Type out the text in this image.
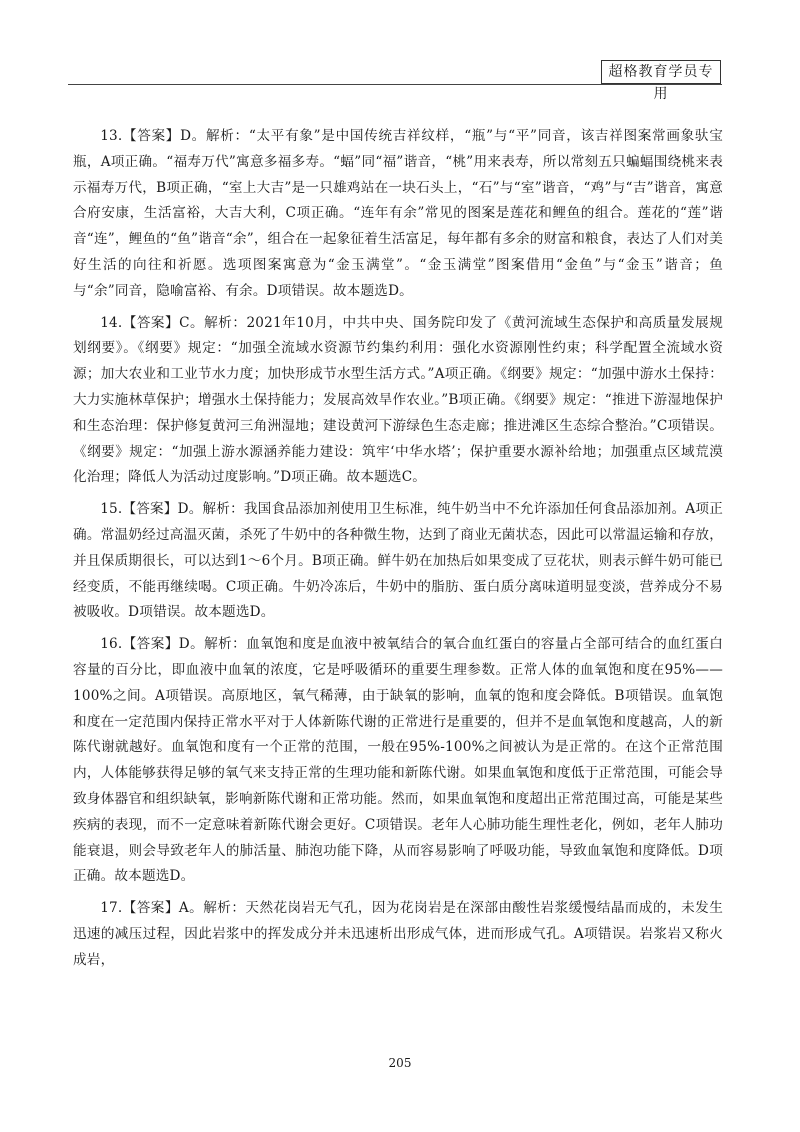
超格教育学员专用

13.【答案】D。解析：“太平有象”是中国传统吉祥纹样，“瓶”与“平”同音，该吉祥图案常画象驮宝瓶，A项正确。“福寿万代”寓意多福多寿。“蝠”同“福”谐音，“桃”用来表寿，所以常刻五只蝙蝠围绕桃来表示福寿万代，B项正确，“室上大吉”是一只雄鸡站在一块石头上，“石”与“室”谐音，“鸡”与“吉”谐音，寓意合府安康，生活富裕，大吉大利，C项正确。“连年有余”常见的图案是莲花和鲤鱼的组合。莲花的“莲”谐音“连”，鲤鱼的“鱼”谐音“余”，组合在一起象征着生活富足，每年都有多余的财富和粮食，表达了人们对美好生活的向往和祈愿。选项图案寓意为“金玉满堂”。“金玉满堂”图案借用“金鱼”与“金玉”谐音；鱼与“余”同音，隐喻富裕、有余。D项错误。故本题选D。

14.【答案】C。解析：2021年10月，中共中央、国务院印发了《黄河流域生态保护和高质量发展规划纲要》。《纲要》规定：“加强全流域水资源节约集约利用：强化水资源刚性约束；科学配置全流域水资源；加大农业和工业节水力度；加快形成节水型生活方式。”A项正确。《纲要》规定：“加强中游水土保持：大力实施林草保护；增强水土保持能力；发展高效旱作农业。”B项正确。《纲要》规定：“推进下游湿地保护和生态治理：保护修复黄河三角洲湿地；建设黄河下游绿色生态走廊；推进滩区生态综合整治。”C项错误。《纲要》规定：“加强上游水源涵养能力建设：筑牢‘中华水塔’；保护重要水源补给地；加强重点区域荒漠化治理；降低人为活动过度影响。”D项正确。故本题选C。

15.【答案】D。解析：我国食品添加剂使用卫生标准，纯牛奶当中不允许添加任何食品添加剂。A项正确。常温奶经过高温灭菌，杀死了牛奶中的各种微生物，达到了商业无菌状态，因此可以常温运输和存放，并且保质期很长，可以达到1～6个月。B项正确。鲜牛奶在加热后如果变成了豆花状，则表示鲜牛奶可能已经变质，不能再继续喝。C项正确。牛奶冷冻后，牛奶中的脂肪、蛋白质分离味道明显变淡，营养成分不易被吸收。D项错误。故本题选D。

16.【答案】D。解析：血氧饱和度是血液中被氧结合的氧合血红蛋白的容量占全部可结合的血红蛋白容量的百分比，即血液中血氧的浓度，它是呼吸循环的重要生理参数。正常人体的血氧饱和度在95%——100%之间。A项错误。高原地区，氧气稀薄，由于缺氧的影响，血氧的饱和度会降低。B项错误。血氧饱和度在一定范围内保持正常水平对于人体新陈代谢的正常进行是重要的，但并不是血氧饱和度越高，人的新陈代谢就越好。血氧饱和度有一个正常的范围，一般在95%-100%之间被认为是正常的。在这个正常范围内，人体能够获得足够的氧气来支持正常的生理功能和新陈代谢。如果血氧饱和度低于正常范围，可能会导致身体器官和组织缺氧，影响新陈代谢和正常功能。然而，如果血氧饱和度超出正常范围过高，可能是某些疾病的表现，而不一定意味着新陈代谢会更好。C项错误。老年人心肺功能生理性老化，例如，老年人肺功能衰退，则会导致老年人的肺活量、肺泡功能下降，从而容易影响了呼吸功能，导致血氧饱和度降低。D项正确。故本题选D。

17.【答案】A。解析：天然花岗岩无气孔，因为花岗岩是在深部由酸性岩浆缓慢结晶而成的，未发生迅速的减压过程，因此岩浆中的挥发成分并未迅速析出形成气体，进而形成气孔。A项错误。岩浆岩又称火成岩，

205
